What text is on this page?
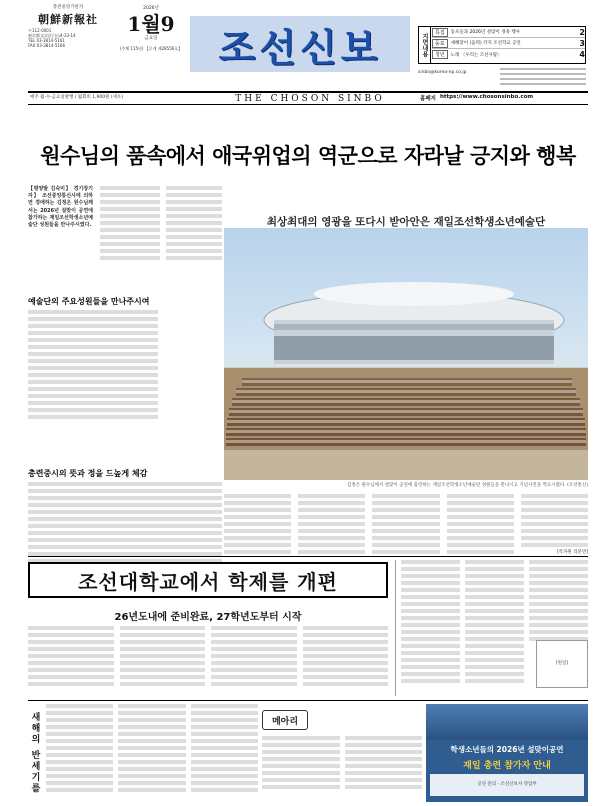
총련중앙기관지
朝鮮新報社
〒112-0001
東京都文京区白山4-33-14
TEL 03-3814-5161
FAX 03-3814-5166
2026년
1월9
금요일
(주체 115년) 【루계 제28556호】 조선신보	지면내용
특집	동포들과 2026년 설맞이 경축 행사	2
동포	새해맞이 (음력) 각지 조선학교 공연	3
청년	노래 〈우리는 조선사람〉	4
sinbo@korea-np.co.jp
매주 월·수·금요일발행 / 월회비 1,900원 (세포)	THE CHOSON SINBO	홈페지 https://www.chosonsinbo.com
원수님의 품속에서 애국위업의 역군으로 자라날 긍지와 행복
【평양발 김숙미】 경기장기자】 조선중앙통신사에 의하면 경애하는 김정은 원수님께서는 2026년 설맞이 공연에 참가하는 재일조선학생소년예술단 성원들을 만나주시였다.	최상최대의 영광을 또다시 받아안은 재일조선학생소년예술단
예술단의 주요성원들을 만나주시여
총련중시의 뜻과 정을 드높게 체감
김정은 원수님께서 설맞이 공연에 출연하는 재일조선학생소년예술단 성원들을 만나시고 기념사진을 찍으시였다. (조선통신)
[특파원 리분면]
조선대학교에서 학제를 개편
26년도내에 준비완료, 27학년도부터 시작
[원일]
새해의 반세기를	메아리
학생소년들의 2026년 설맞이공연
재일 총련 참가자 안내
공연 문의 · 조선신보사 영업부
